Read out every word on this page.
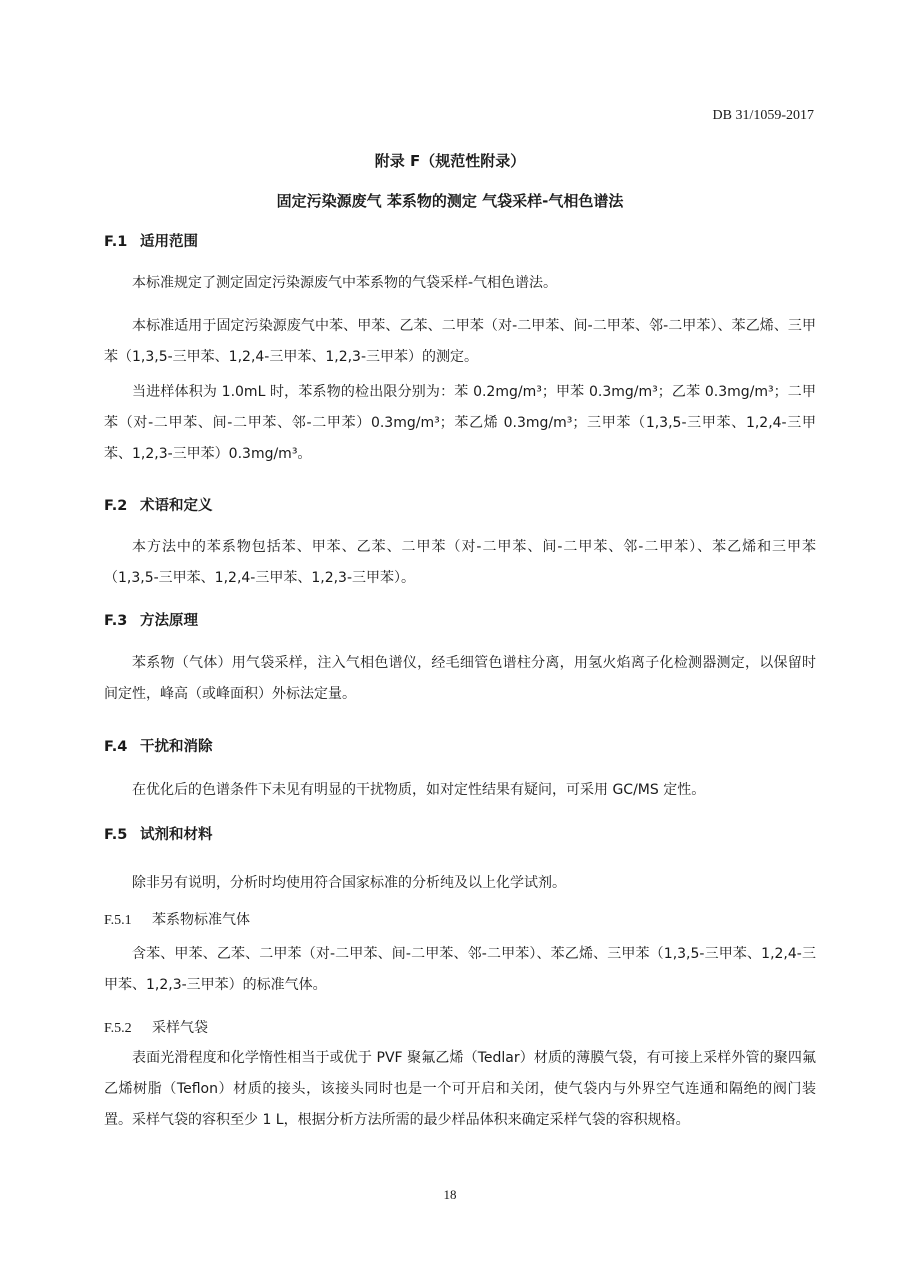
DB 31/1059-2017
附录 F（规范性附录）
固定污染源废气 苯系物的测定 气袋采样-气相色谱法
F.1 适用范围
本标准规定了测定固定污染源废气中苯系物的气袋采样-气相色谱法。
本标准适用于固定污染源废气中苯、甲苯、乙苯、二甲苯（对-二甲苯、间-二甲苯、邻-二甲苯）、苯乙烯、三甲苯（1,3,5-三甲苯、1,2,4-三甲苯、1,2,3-三甲苯）的测定。
当进样体积为 1.0mL 时，苯系物的检出限分别为：苯 0.2mg/m³；甲苯 0.3mg/m³；乙苯 0.3mg/m³；二甲苯（对-二甲苯、间-二甲苯、邻-二甲苯）0.3mg/m³；苯乙烯 0.3mg/m³；三甲苯（1,3,5-三甲苯、1,2,4-三甲苯、1,2,3-三甲苯）0.3mg/m³。
F.2 术语和定义
本方法中的苯系物包括苯、甲苯、乙苯、二甲苯（对-二甲苯、间-二甲苯、邻-二甲苯）、苯乙烯和三甲苯（1,3,5-三甲苯、1,2,4-三甲苯、1,2,3-三甲苯）。
F.3 方法原理
苯系物（气体）用气袋采样，注入气相色谱仪，经毛细管色谱柱分离，用氢火焰离子化检测器测定，以保留时间定性，峰高（或峰面积）外标法定量。
F.4 干扰和消除
在优化后的色谱条件下未见有明显的干扰物质，如对定性结果有疑问，可采用 GC/MS 定性。
F.5 试剂和材料
除非另有说明，分析时均使用符合国家标准的分析纯及以上化学试剂。
F.5.1 苯系物标准气体
含苯、甲苯、乙苯、二甲苯（对-二甲苯、间-二甲苯、邻-二甲苯）、苯乙烯、三甲苯（1,3,5-三甲苯、1,2,4-三甲苯、1,2,3-三甲苯）的标准气体。
F.5.2 采样气袋
表面光滑程度和化学惰性相当于或优于 PVF 聚氟乙烯（Tedlar）材质的薄膜气袋，有可接上采样外管的聚四氟乙烯树脂（Teflon）材质的接头，该接头同时也是一个可开启和关闭，使气袋内与外界空气连通和隔绝的阀门装置。采样气袋的容积至少 1 L，根据分析方法所需的最少样品体积来确定采样气袋的容积规格。
18
